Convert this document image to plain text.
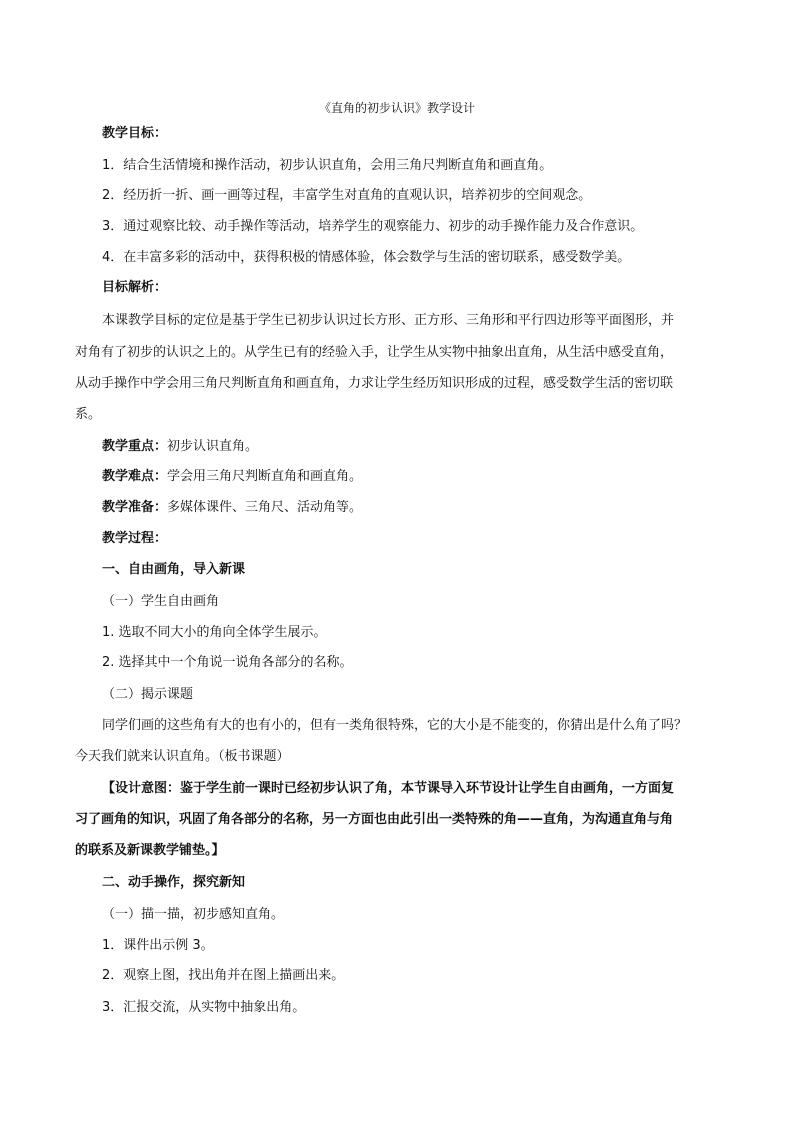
《直角的初步认识》教学设计
教学目标：
1．结合生活情境和操作活动，初步认识直角，会用三角尺判断直角和画直角。
2．经历折一折、画一画等过程，丰富学生对直角的直观认识，培养初步的空间观念。
3．通过观察比较、动手操作等活动，培养学生的观察能力、初步的动手操作能力及合作意识。
4．在丰富多彩的活动中，获得积极的情感体验，体会数学与生活的密切联系，感受数学美。
目标解析：
本课教学目标的定位是基于学生已初步认识过长方形、正方形、三角形和平行四边形等平面图形，并
对角有了初步的认识之上的。从学生已有的经验入手，让学生从实物中抽象出直角，从生活中感受直角，
从动手操作中学会用三角尺判断直角和画直角，力求让学生经历知识形成的过程，感受数学生活的密切联
系。
教学重点：初步认识直角。
教学难点：学会用三角尺判断直角和画直角。
教学准备：多媒体课件、三角尺、活动角等。
教学过程：
一、自由画角，导入新课
（一）学生自由画角
1. 选取不同大小的角向全体学生展示。
2. 选择其中一个角说一说角各部分的名称。
（二）揭示课题
同学们画的这些角有大的也有小的，但有一类角很特殊，它的大小是不能变的，你猜出是什么角了吗？
今天我们就来认识直角。（板书课题）
【设计意图：鉴于学生前一课时已经初步认识了角，本节课导入环节设计让学生自由画角，一方面复
习了画角的知识，巩固了角各部分的名称，另一方面也由此引出一类特殊的角——直角，为沟通直角与角
的联系及新课教学铺垫。】
二、动手操作，探究新知
（一）描一描，初步感知直角。
1．课件出示例 3。
2．观察上图，找出角并在图上描画出来。
3．汇报交流，从实物中抽象出角。
